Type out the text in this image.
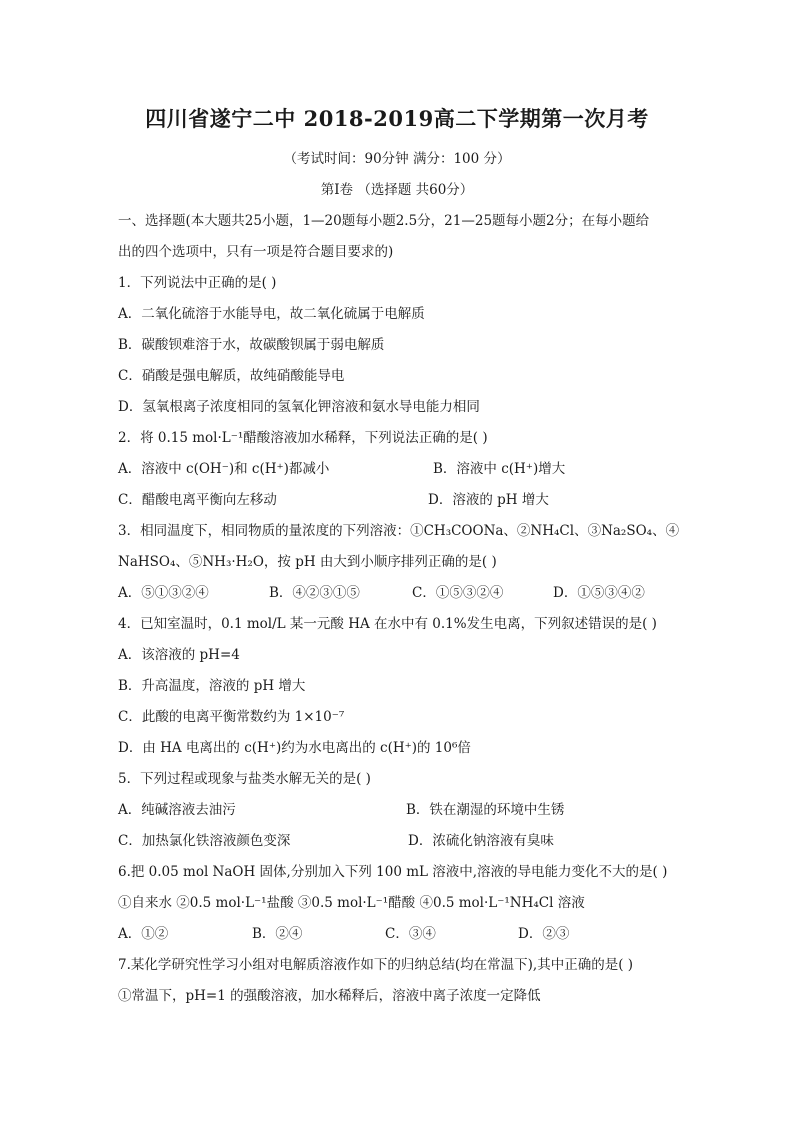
四川省遂宁二中 2018-2019高二下学期第一次月考
（考试时间：90分钟 满分：100 分）
第Ⅰ卷 （选择题 共60分）
一、选择题(本大题共25小题，1—20题每小题2.5分，21—25题每小题2分；在每小题给
出的四个选项中，只有一项是符合题目要求的)
1．下列说法中正确的是( )
A．二氧化硫溶于水能导电，故二氧化硫属于电解质
B．碳酸钡难溶于水，故碳酸钡属于弱电解质
C．硝酸是强电解质，故纯硝酸能导电
D．氢氧根离子浓度相同的氢氧化钾溶液和氨水导电能力相同
2．将 0.15 mol·L⁻¹醋酸溶液加水稀释，下列说法正确的是( )
A．溶液中 c(OH⁻)和 c(H⁺)都减小	B．溶液中 c(H⁺)增大
C．醋酸电离平衡向左移动	D．溶液的 pH 增大
3．相同温度下，相同物质的量浓度的下列溶液：①CH₃COONa、②NH₄Cl、③Na₂SO₄、④
NaHSO₄、⑤NH₃·H₂O，按 pH 由大到小顺序排列正确的是( )
A．⑤①③②④	B．④②③①⑤	C．①⑤③②④	D．①⑤③④②
4．已知室温时，0.1 mol/L 某一元酸 HA 在水中有 0.1%发生电离，下列叙述错误的是( )
A．该溶液的 pH=4
B．升高温度，溶液的 pH 增大
C．此酸的电离平衡常数约为 1×10⁻⁷
D．由 HA 电离出的 c(H⁺)约为水电离出的 c(H⁺)的 10⁶倍
5．下列过程或现象与盐类水解无关的是( )
A．纯碱溶液去油污	B．铁在潮湿的环境中生锈
C．加热氯化铁溶液颜色变深	D．浓硫化钠溶液有臭味
6.把 0.05 mol NaOH 固体,分别加入下列 100 mL 溶液中,溶液的导电能力变化不大的是( )
①自来水 ②0.5 mol·L⁻¹盐酸 ③0.5 mol·L⁻¹醋酸 ④0.5 mol·L⁻¹NH₄Cl 溶液
A．①②	B．②④	C．③④	D．②③
7.某化学研究性学习小组对电解质溶液作如下的归纳总结(均在常温下),其中正确的是( )
①常温下，pH=1 的强酸溶液，加水稀释后，溶液中离子浓度一定降低
